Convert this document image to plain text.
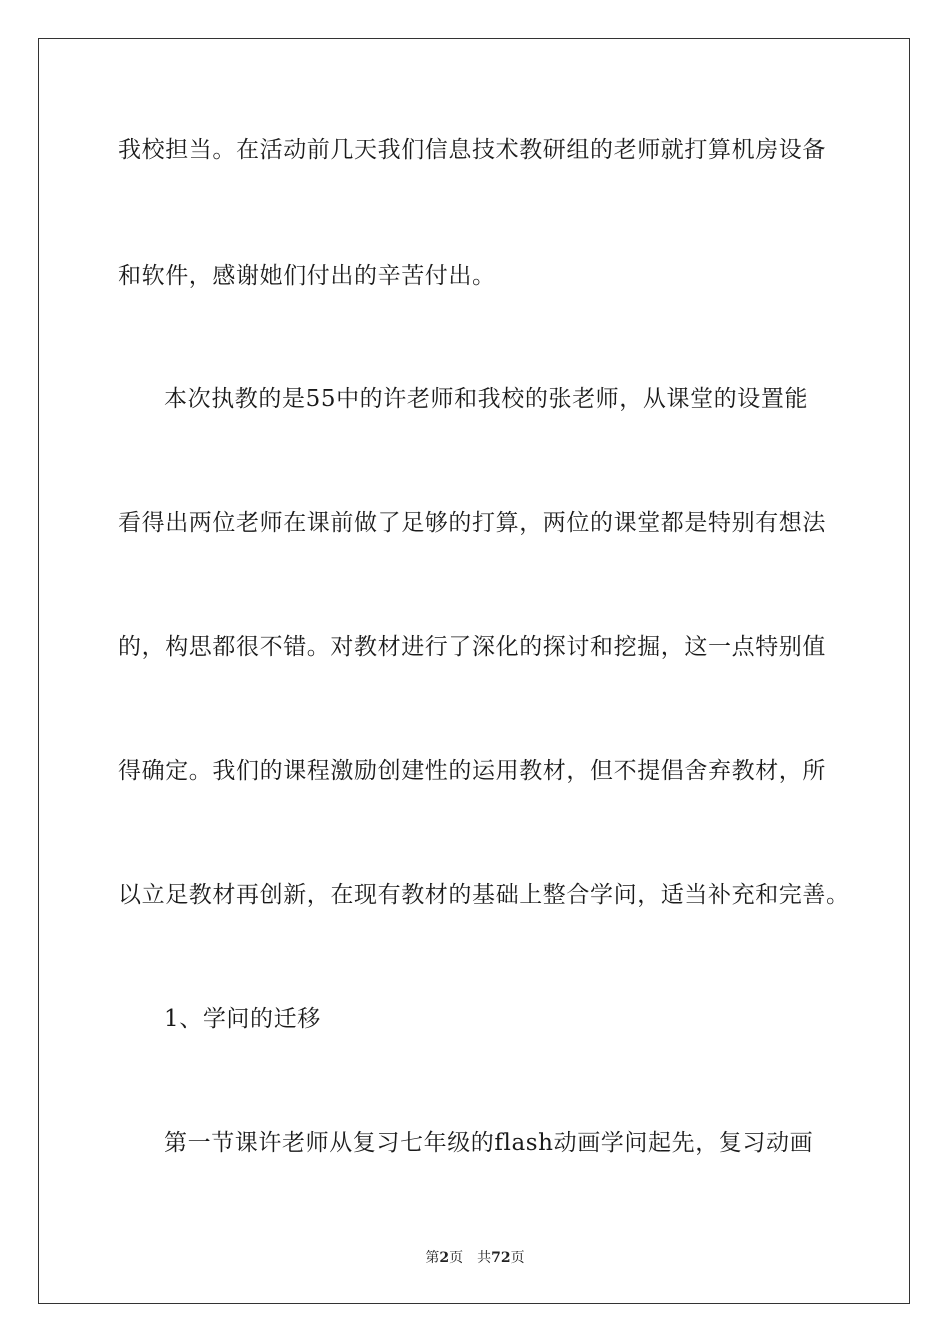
我校担当。在活动前几天我们信息技术教研组的老师就打算机房设备
和软件，感谢她们付出的辛苦付出。
本次执教的是55中的许老师和我校的张老师，从课堂的设置能
看得出两位老师在课前做了足够的打算，两位的课堂都是特别有想法
的，构思都很不错。对教材进行了深化的探讨和挖掘，这一点特别值
得确定。我们的课程激励创建性的运用教材，但不提倡舍弃教材，所
以立足教材再创新，在现有教材的基础上整合学问，适当补充和完善。
1、学问的迁移
第一节课许老师从复习七年级的flash动画学问起先，复习动画
第2页 共72页
